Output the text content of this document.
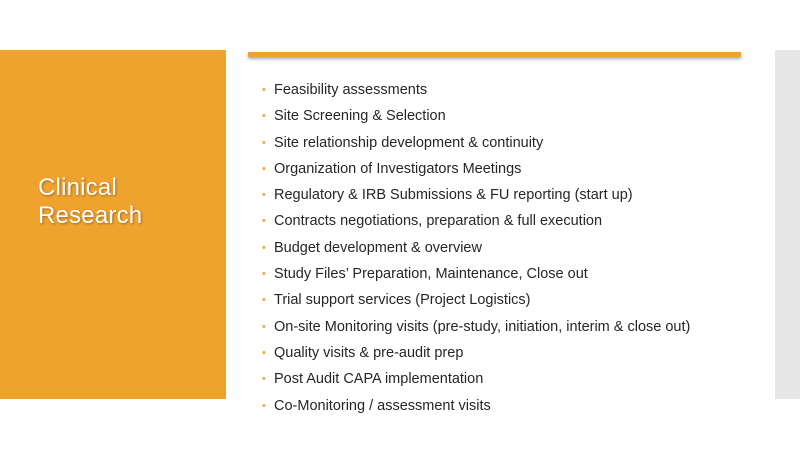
Clinical Research
• Feasibility assessments
• Site Screening & Selection
• Site relationship development & continuity
• Organization of Investigators Meetings
• Regulatory & IRB Submissions & FU reporting (start up)
• Contracts negotiations, preparation & full execution
• Budget development & overview
• Study Files’ Preparation, Maintenance, Close out
• Trial support services (Project Logistics)
• On-site Monitoring visits (pre-study, initiation, interim & close out)
• Quality visits & pre-audit prep
• Post Audit CAPA implementation
• Co-Monitoring / assessment visits
